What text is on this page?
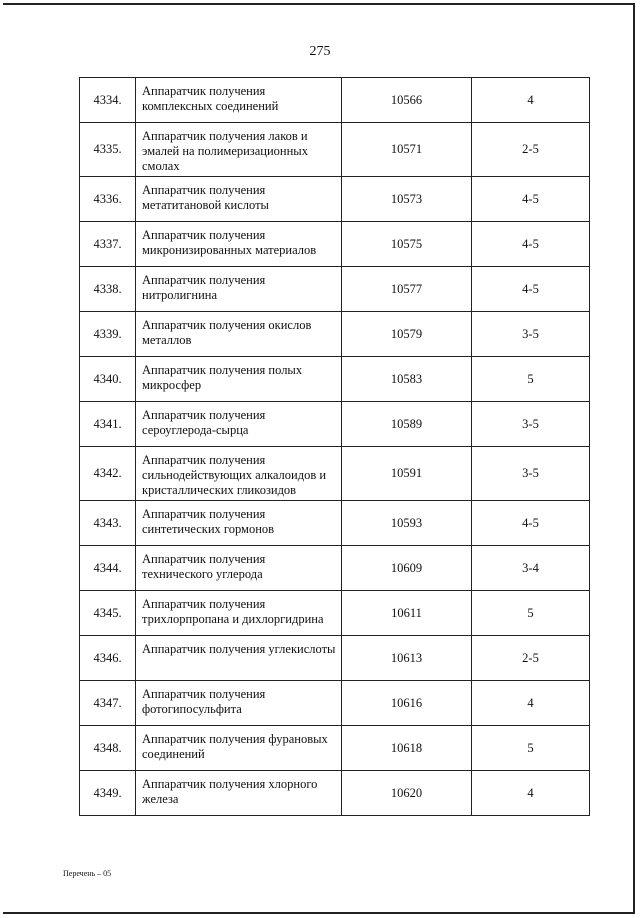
275
4334.	Аппаратчик получения комплексных соединений	10566	4
4335.	Аппаратчик получения лаков и эмалей на полимеризационных смолах	10571	2-5
4336.	Аппаратчик получения метатитановой кислоты	10573	4-5
4337.	Аппаратчик получения микронизированных материалов	10575	4-5
4338.	Аппаратчик получения нитролигнина	10577	4-5
4339.	Аппаратчик получения окислов металлов	10579	3-5
4340.	Аппаратчик получения полых микросфер	10583	5
4341.	Аппаратчик получения сероуглерода-сырца	10589	3-5
4342.	Аппаратчик получения сильнодействующих алкалоидов и кристаллических гликозидов	10591	3-5
4343.	Аппаратчик получения синтетических гормонов	10593	4-5
4344.	Аппаратчик получения технического углерода	10609	3-4
4345.	Аппаратчик получения трихлорпропана и дихлоргидрина	10611	5
4346.	Аппаратчик получения углекислоты	10613	2-5
4347.	Аппаратчик получения фотогипосульфита	10616	4
4348.	Аппаратчик получения фурановых соединений	10618	5
4349.	Аппаратчик получения хлорного железа	10620	4
Перечень – 05
